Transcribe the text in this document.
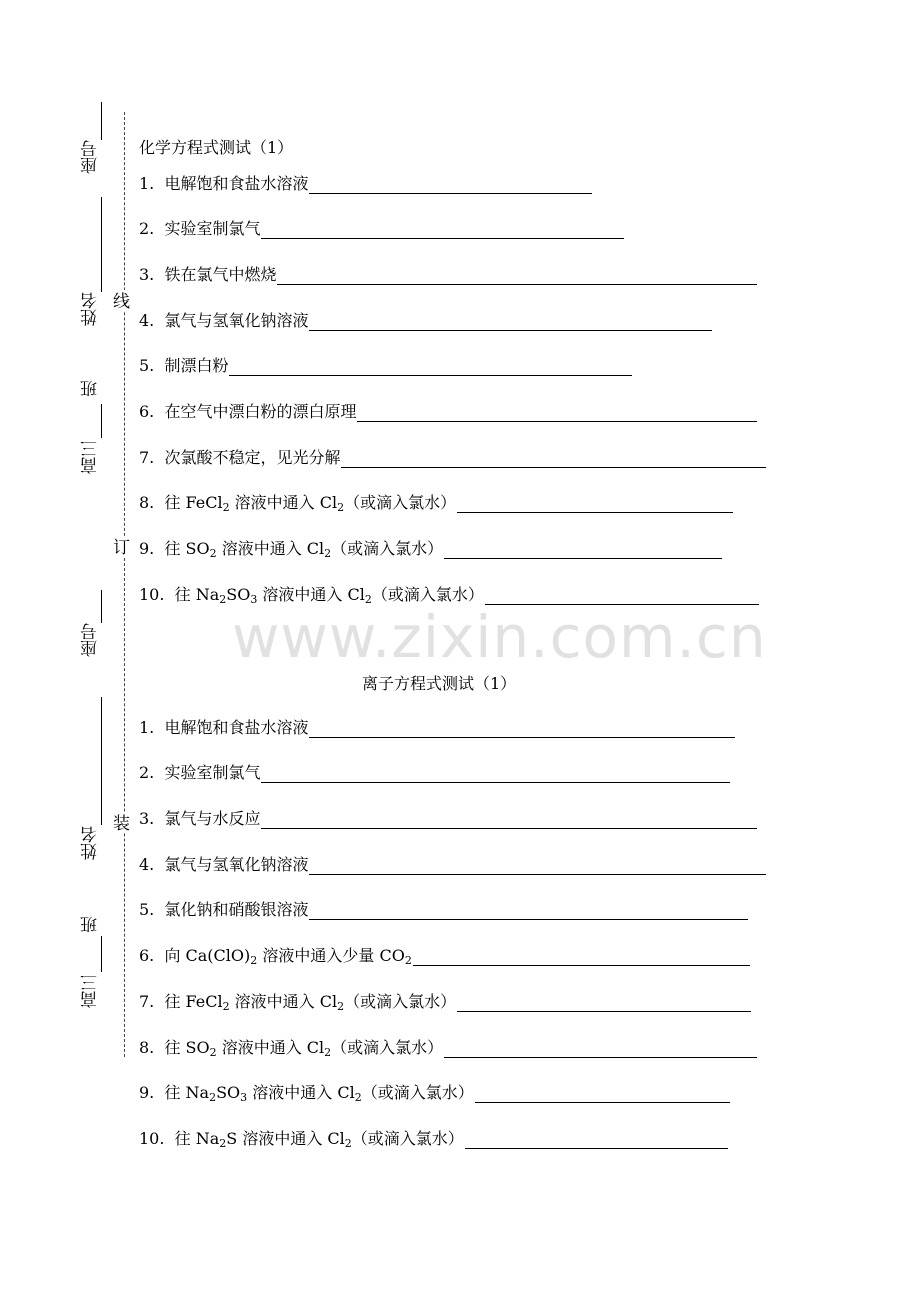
www.zixin.com.cn
座号
姓名
高三
班
线
订
装
座号
姓名
高三
班
化学方程式测试（1）
1. 电解饱和食盐水溶液
2. 实验室制氯气
3. 铁在氯气中燃烧
4. 氯气与氢氧化钠溶液
5. 制漂白粉
6. 在空气中漂白粉的漂白原理
7. 次氯酸不稳定，见光分解
8. 往 FeCl$_2$ 溶液中通入 $Cl_2$（或滴入氯水）
9. 往 $SO_2$ 溶液中通入 $Cl_2$（或滴入氯水）
10. 往 $Na_2SO_3$ 溶液中通入 $Cl_2$（或滴入氯水）
离子方程式测试（1）
1. 电解饱和食盐水溶液
2. 实验室制氯气
3. 氯气与水反应
4. 氯气与氢氧化钠溶液
5. 氯化钠和硝酸银溶液
6. 向 $Ca(ClO)_2$ 溶液中通入少量 $CO_2$
7. 往 FeCl$_2$ 溶液中通入 $Cl_2$（或滴入氯水）
8. 往 $SO_2$ 溶液中通入 $Cl_2$（或滴入氯水）
9. 往 $Na_2SO_3$ 溶液中通入 $Cl_2$（或滴入氯水）
10. 往 $Na_2S$ 溶液中通入 $Cl_2$（或滴入氯水）
